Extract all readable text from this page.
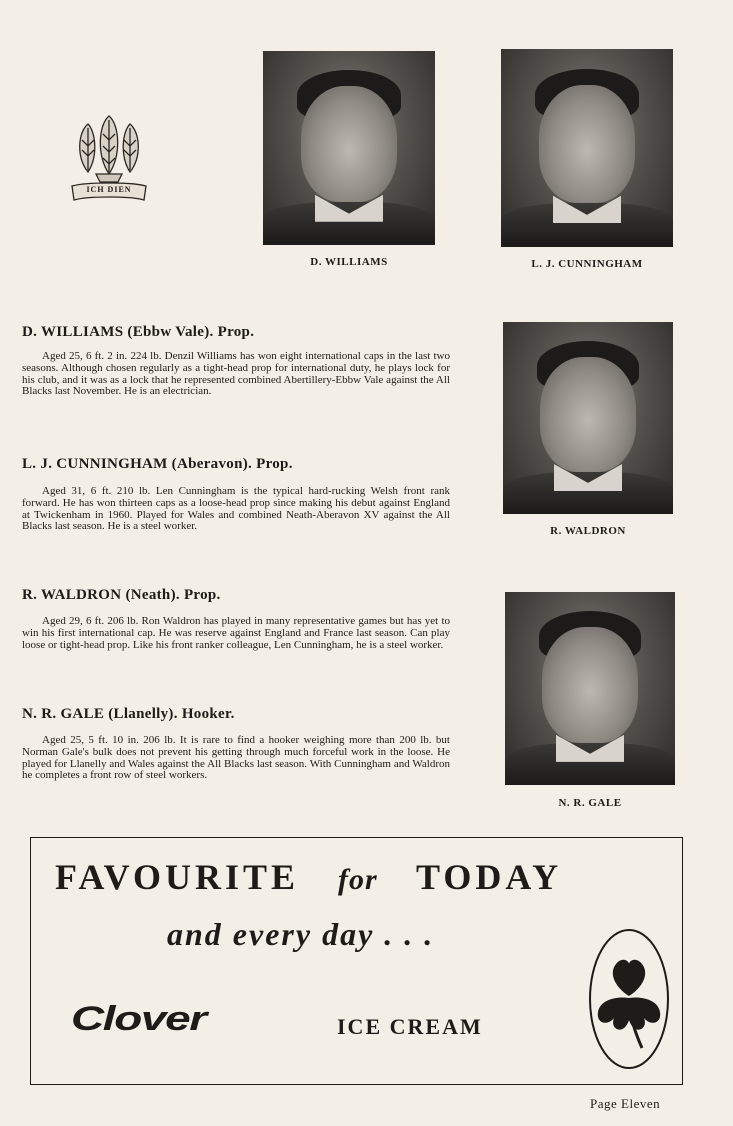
ICH DIEN
D. WILLIAMS	L. J. CUNNINGHAM
R. WALDRON
N. R. GALE
D. WILLIAMS (Ebbw Vale). Prop.
Aged 25, 6 ft. 2 in. 224 lb. Denzil Williams has won eight international caps in the last two seasons. Although chosen regularly as a tight-head prop for international duty, he plays lock for his club, and it was as a lock that he represented combined Abertillery-Ebbw Vale against the All Blacks last November. He is an electrician.
L. J. CUNNINGHAM (Aberavon). Prop.
Aged 31, 6 ft. 210 lb. Len Cunningham is the typical hard-rucking Welsh front rank forward. He has won thirteen caps as a loose-head prop since making his debut against England at Twickenham in 1960. Played for Wales and combined Neath-Aberavon XV against the All Blacks last season. He is a steel worker.
R. WALDRON (Neath). Prop.
Aged 29, 6 ft. 206 lb. Ron Waldron has played in many representative games but has yet to win his first international cap. He was reserve against England and France last season. Can play loose or tight-head prop. Like his front ranker colleague, Len Cunningham, he is a steel worker.
N. R. GALE (Llanelly). Hooker.
Aged 25, 5 ft. 10 in. 206 lb. It is rare to find a hooker weighing more than 200 lb. but Norman Gale's bulk does not prevent his getting through much forceful work in the loose. He played for Llanelly and Wales against the All Blacks last season. With Cunningham and Waldron he completes a front row of steel workers.
FAVOURITE for TODAY
and every day . . .
Clover	ICE CREAM
Page Eleven
